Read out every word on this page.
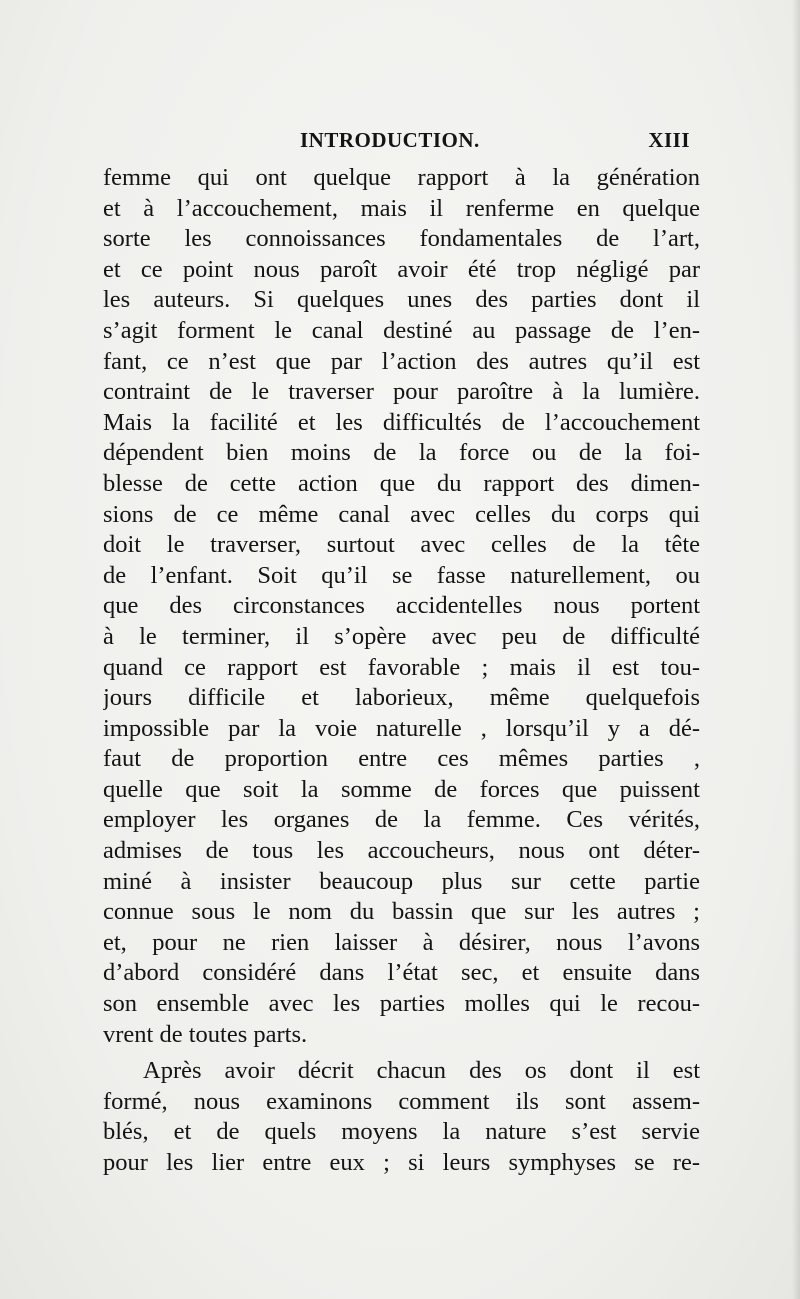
INTRODUCTION.	XIII
femme qui ont quelque rapport à la génération
et à l’accouchement, mais il renferme en quelque
sorte les connoissances fondamentales de l’art,
et ce point nous paroît avoir été trop négligé par
les auteurs. Si quelques unes des parties dont il
s’agit forment le canal destiné au passage de l’en-
fant, ce n’est que par l’action des autres qu’il est
contraint de le traverser pour paroître à la lumière.
Mais la facilité et les difficultés de l’accouchement
dépendent bien moins de la force ou de la foi-
blesse de cette action que du rapport des dimen-
sions de ce même canal avec celles du corps qui
doit le traverser, surtout avec celles de la tête
de l’enfant. Soit qu’il se fasse naturellement, ou
que des circonstances accidentelles nous portent
à le terminer, il s’opère avec peu de difficulté
quand ce rapport est favorable ; mais il est tou-
jours difficile et laborieux, même quelquefois
impossible par la voie naturelle , lorsqu’il y a dé-
faut de proportion entre ces mêmes parties ,
quelle que soit la somme de forces que puissent
employer les organes de la femme. Ces vérités,
admises de tous les accoucheurs, nous ont déter-
miné à insister beaucoup plus sur cette partie
connue sous le nom du bassin que sur les autres ;
et, pour ne rien laisser à désirer, nous l’avons
d’abord considéré dans l’état sec, et ensuite dans
son ensemble avec les parties molles qui le recou-
vrent de toutes parts.
Après avoir décrit chacun des os dont il est
formé, nous examinons comment ils sont assem-
blés, et de quels moyens la nature s’est servie
pour les lier entre eux ; si leurs symphyses se re-
